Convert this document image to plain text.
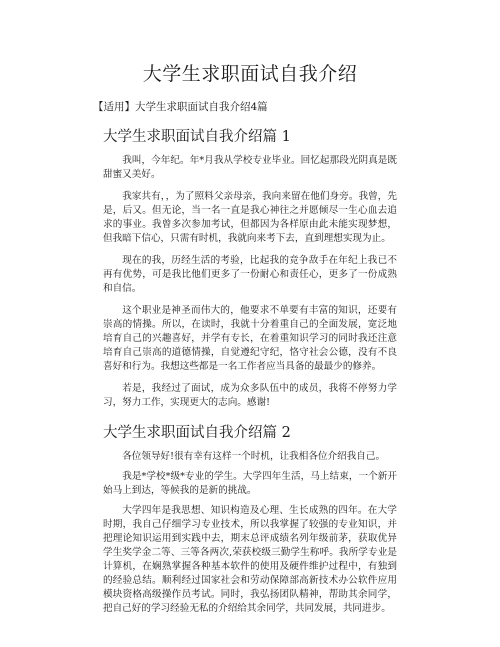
大学生求职面试自我介绍

【适用】大学生求职面试自我介绍4篇

大学生求职面试自我介绍篇 1

我叫，今年纪。年*月我从学校专业毕业。回忆起那段光阴真是既甜蜜又美好。

我家共有，，为了照料父亲母亲，我向来留在他们身旁。我曾，先是，后又。但无论，当一名一直是我心神往之并愿倾尽一生心血去追求的事业。我曾多次参加考试，但都因为各样原由此未能实现梦想，但我暗下信心，只需有时机，我就向来考下去，直到理想实现为止。

现在的我，历经生活的考验，比起我的竞争敌手在年纪上我已不再有优势，可是我比他们更多了一份耐心和责任心，更多了一份成熟和自信。

这个职业是神圣而伟大的，他要求不单要有丰富的知识，还要有崇高的情操。所以，在读时，我就十分着重自己的全面发展，宽泛地培育自己的兴趣喜好，并学有专长，在着重知识学习的同时我还注意培育自己崇高的道德情操，自觉遵纪守纪，恪守社会公德，没有不良喜好和行为。我想这些都是一名工作者应当具备的最最少的修养。

若是，我经过了面试，成为众多队伍中的成员，我将不停努力学习，努力工作，实现更大的志向。感谢!

大学生求职面试自我介绍篇 2

各位领导好!很有幸有这样一个时机，让我相各位介绍我自己。

我是*学校*级*专业的学生。大学四年生活，马上结束，一个新开始马上到达，等候我的是新的挑战。

大学四年是我思想、知识构造及心理、生长成熟的四年。在大学时期，我自己仔细学习专业技术，所以我掌握了较强的专业知识，并把理论知识运用到实践中去，期末总评成绩名列年级前茅，获取优异学生奖学金二等、三等各两次,荣获校级三勤学生称呼。我所学专业是计算机，在娴熟掌握各种基本软件的使用及硬件维护过程中，有独到的经验总结。顺利经过国家社会和劳动保障部高新技术办公软件应用模块资格高级操作员考试。同时，我弘扬团队精神，帮助其余同学，把自己好的学习经验无私的介绍给其余同学，共同发展，共同进步。
